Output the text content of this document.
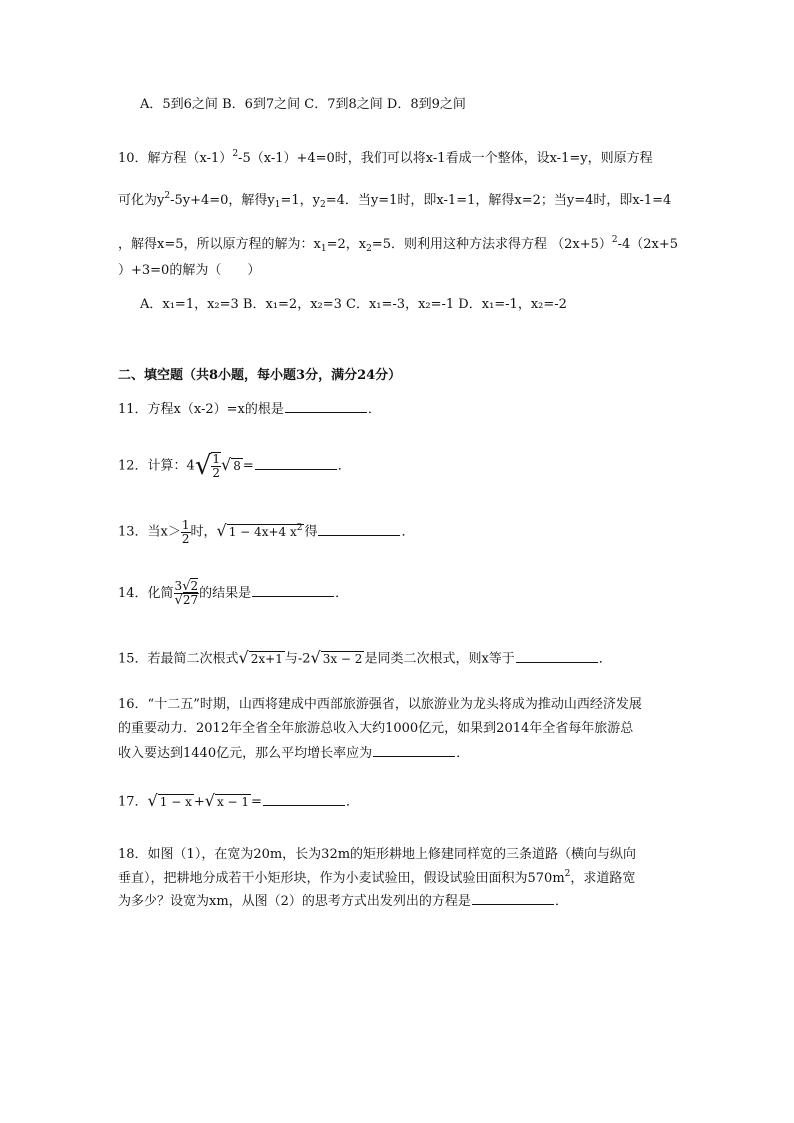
A．5到6之间 B．6到7之间 C．7到8之间 D．8到9之间
10．解方程$(x-1)^2-5(x-1)+4=0$时，我们可以将x-1看成一个整体，设x-1=y，则原方程
可化为$y^2-5y+4=0$，解得$y_1=1$，$y_2=4$．当y=1时，即x-1=1，解得x=2；当y=4时，即x-1=4
，解得x=5，所以原方程的解为：$x_1=2$，$x_2=5$．则利用这种方法求得方程 $(2x+5)^2-4(2x+5$
）+3=0的解为（　　）
A．x₁=1，x₂=3 B．x₁=2，x₂=3 C．x₁=-3，x₂=-1 D．x₁=-1，x₂=-2
二、填空题（共8小题，每小题3分，满分24分）
11．方程x（x-2）=x的根是	．
12．计算：$4√ \frac{1}{2}$ √ 8 =	．
13．当$x> \frac{1}{2}$ 时，√ 1 − 4x+4 $x^2$ 得	．
14．化简 $\frac{3√2}{√27}$ 的结果是	．
15．若最简二次根式√ 2x+1 与-2√ 3x − 2 是同类二次根式，则x等于	．
16．“十二五”时期，山西将建成中西部旅游强省，以旅游业为龙头将成为推动山西经济发展
的重要动力．2012年全省全年旅游总收入大约1000亿元，如果到2014年全省每年旅游总
收入要达到1440亿元，那么平均增长率应为	．
17．√ 1 − x +√ x − 1 =	．
18．如图（1），在宽为20m，长为32m的矩形耕地上修建同样宽的三条道路（横向与纵向
垂直），把耕地分成若干小矩形块，作为小麦试验田，假设试验田面积为$570m^2$，求道路宽
为多少？设宽为xm，从图（2）的思考方式出发列出的方程是	．
